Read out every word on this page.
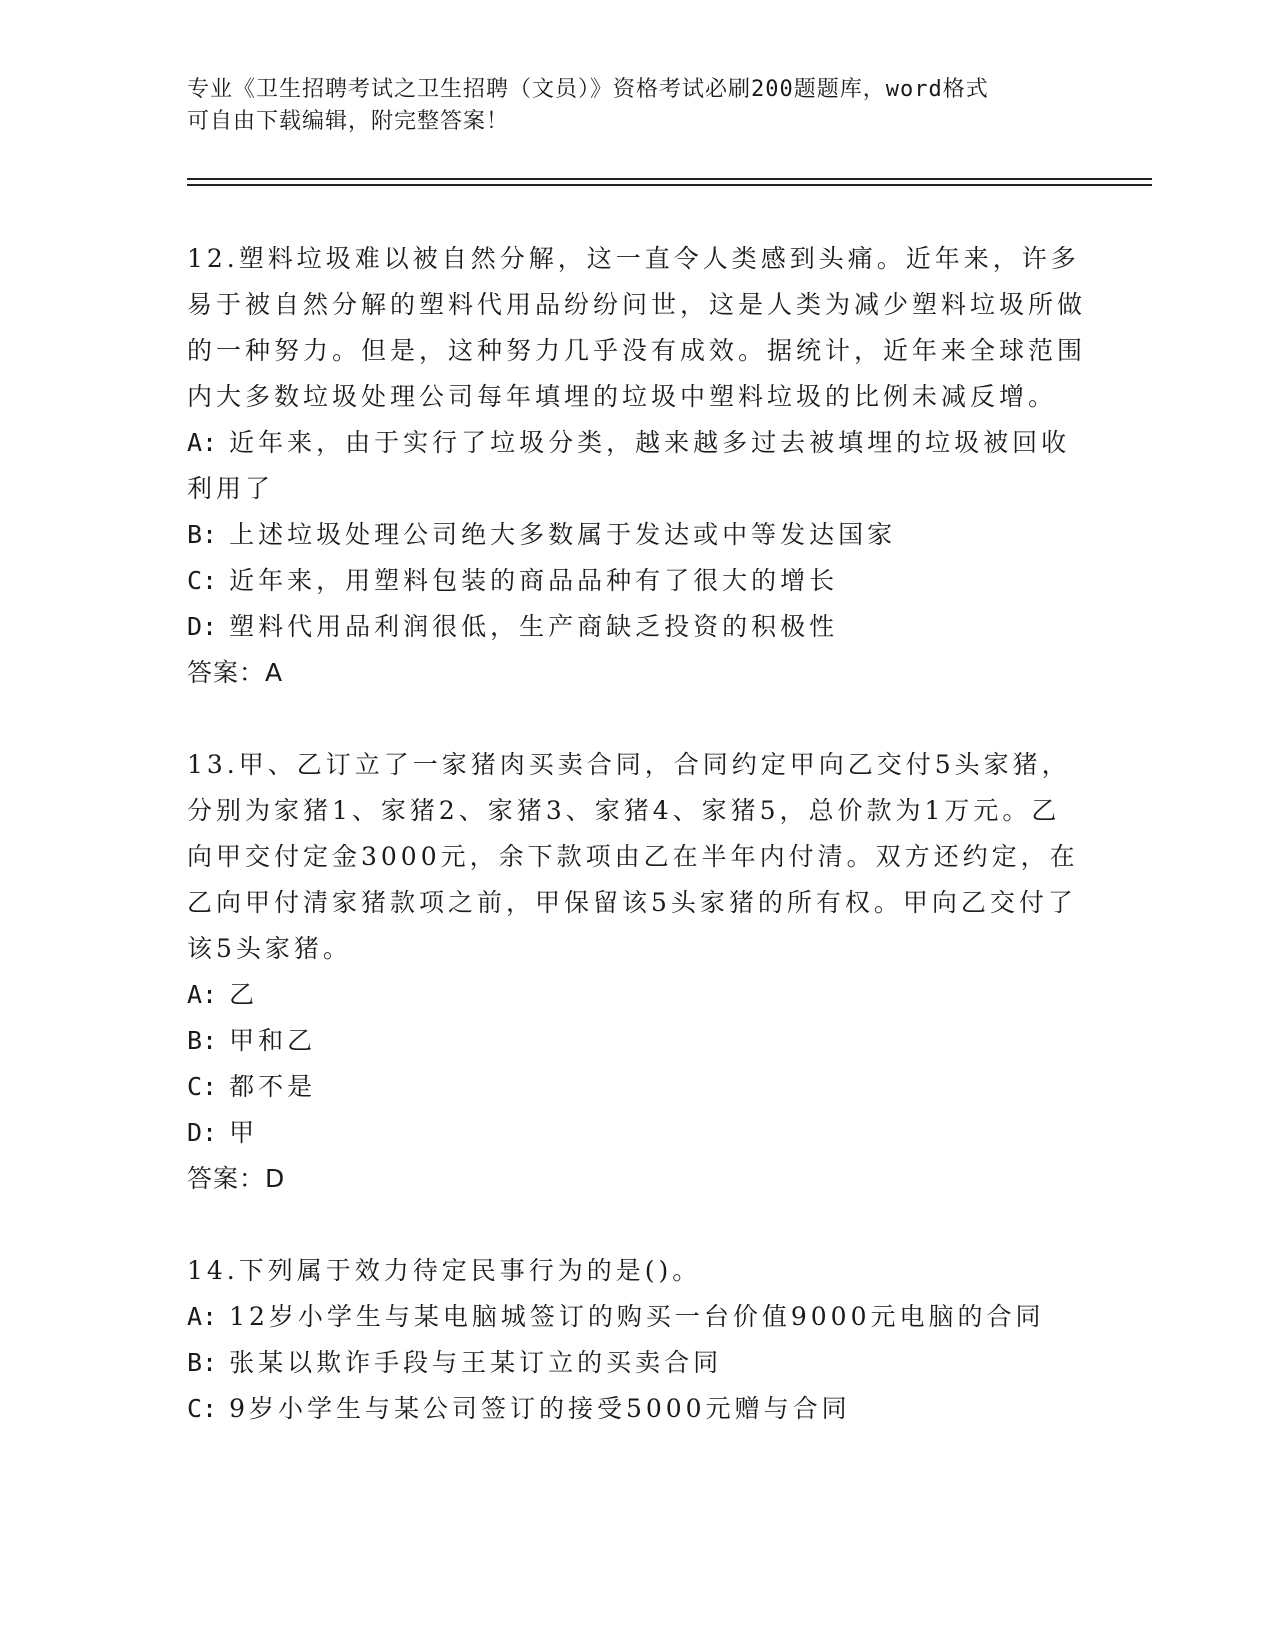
专业《卫生招聘考试之卫生招聘（文员）》资格考试必刷200题题库，word格式
可自由下载编辑，附完整答案！
12.塑料垃圾难以被自然分解，这一直令人类感到头痛。近年来，许多易于被自然分解的塑料代用品纷纷问世，这是人类为减少塑料垃圾所做的一种努力。但是，这种努力几乎没有成效。据统计，近年来全球范围内大多数垃圾处理公司每年填埋的垃圾中塑料垃圾的比例未减反增。
A: 近年来，由于实行了垃圾分类，越来越多过去被填埋的垃圾被回收利用了
B: 上述垃圾处理公司绝大多数属于发达或中等发达国家
C: 近年来，用塑料包装的商品品种有了很大的增长
D: 塑料代用品利润很低，生产商缺乏投资的积极性
答案：A
13.甲、乙订立了一家猪肉买卖合同，合同约定甲向乙交付5头家猪，分别为家猪1、家猪2、家猪3、家猪4、家猪5，总价款为1万元。乙向甲交付定金3000元，余下款项由乙在半年内付清。双方还约定，在乙向甲付清家猪款项之前，甲保留该5头家猪的所有权。甲向乙交付了该5头家猪。
A: 乙
B: 甲和乙
C: 都不是
D: 甲
答案：D
14.下列属于效力待定民事行为的是()。
A: 12岁小学生与某电脑城签订的购买一台价值9000元电脑的合同
B: 张某以欺诈手段与王某订立的买卖合同
C: 9岁小学生与某公司签订的接受5000元赠与合同
